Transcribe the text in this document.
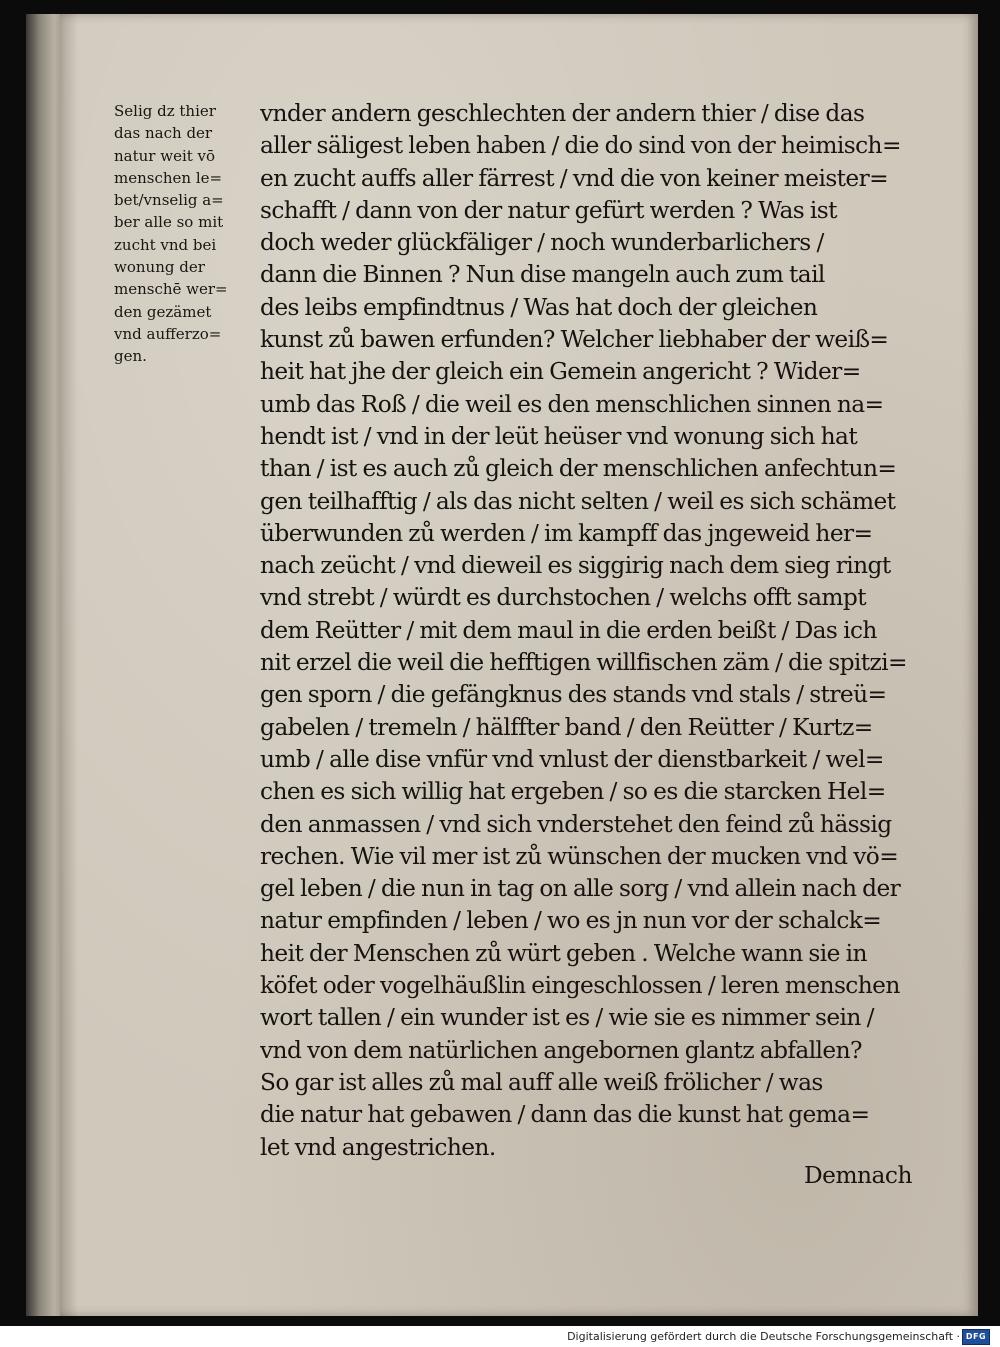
Selig dz thier
das nach der
natur weit vō
menschen le=
bet/vnselig a=
ber alle so mit
zucht vnd bei
wonung der
menschē wer=
den gezämet
vnd aufferzo=
gen.
vnder andern geschlechten der andern thier / dise das
aller säligest leben haben / die do sind von der heimisch=
en zucht auffs aller färrest / vnd die von keiner meister=
schafft / dann von der natur gefürt werden ? Was ist
doch weder glückfäliger / noch wunderbarlichers /
dann die Binnen ? Nun dise mangeln auch zum tail
des leibs empfindtnus / Was hat doch der gleichen
kunst zů bawen erfunden? Welcher liebhaber der weiß=
heit hat jhe der gleich ein Gemein angericht ? Wider=
umb das Roß / die weil es den menschlichen sinnen na=
hendt ist / vnd in der leüt heüser vnd wonung sich hat
than / ist es auch zů gleich der menschlichen anfechtun=
gen teilhafftig / als das nicht selten / weil es sich schämet
überwunden zů werden / im kampff das jngeweid her=
nach zeücht / vnd dieweil es siggirig nach dem sieg ringt
vnd strebt / würdt es durchstochen / welchs offt sampt
dem Reütter / mit dem maul in die erden beißt / Das ich
nit erzel die weil die hefftigen willfischen zäm / die spitzi=
gen sporn / die gefängknus des stands vnd stals / streü=
gabelen / tremeln / hälffter band / den Reütter / Kurtz=
umb / alle dise vnfür vnd vnlust der dienstbarkeit / wel=
chen es sich willig hat ergeben / so es die starcken Hel=
den anmassen / vnd sich vnderstehet den feind zů hässig
rechen. Wie vil mer ist zů wünschen der mucken vnd vö=
gel leben / die nun in tag on alle sorg / vnd allein nach der
natur empfinden / leben / wo es jn nun vor der schalck=
heit der Menschen zů würt geben . Welche wann sie in
köfet oder vogelhäußlin eingeschlossen / leren menschen
wort tallen / ein wunder ist es / wie sie es nimmer sein /
vnd von dem natürlichen angebornen glantz abfallen?
So gar ist alles zů mal auff alle weiß frölicher / was
die natur hat gebawen / dann das die kunst hat gema=
let vnd angestrichen.
Demnach
Digitalisierung gefördert durch die Deutsche Forschungsgemeinschaft · DFG
